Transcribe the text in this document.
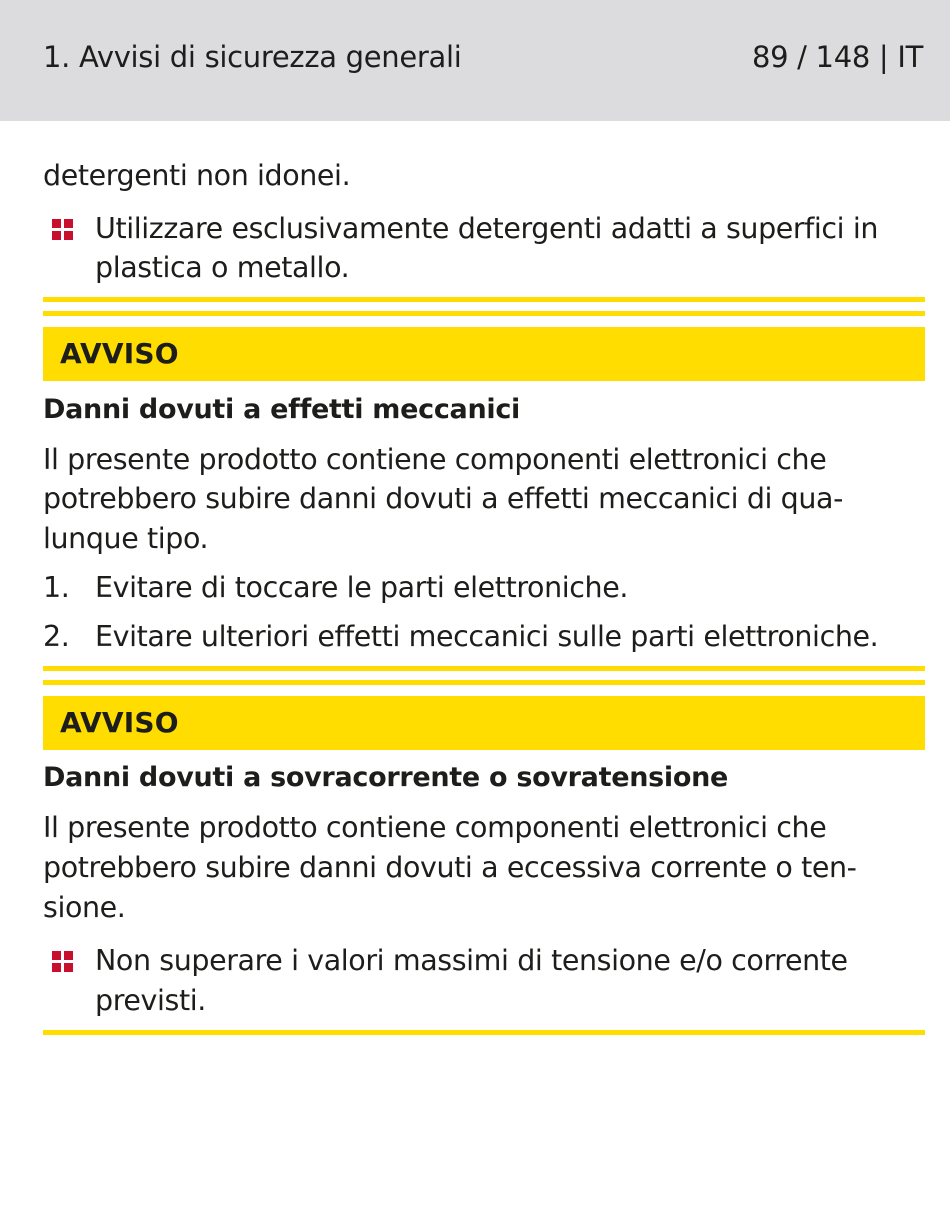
1. Avvisi di sicurezza generali	89 / 148 | IT
detergenti non idonei.
Utilizzare esclusivamente detergenti adatti a superfici in
plastica o metallo.
AVVISO
Danni dovuti a effetti meccanici
Il presente prodotto contiene componenti elettronici che
potrebbero subire danni dovuti a effetti meccanici di qua-
lunque tipo.
1. Evitare di toccare le parti elettroniche.
2. Evitare ulteriori effetti meccanici sulle parti elettroniche.
AVVISO
Danni dovuti a sovracorrente o sovratensione
Il presente prodotto contiene componenti elettronici che
potrebbero subire danni dovuti a eccessiva corrente o ten-
sione.
Non superare i valori massimi di tensione e/o corrente
previsti.
